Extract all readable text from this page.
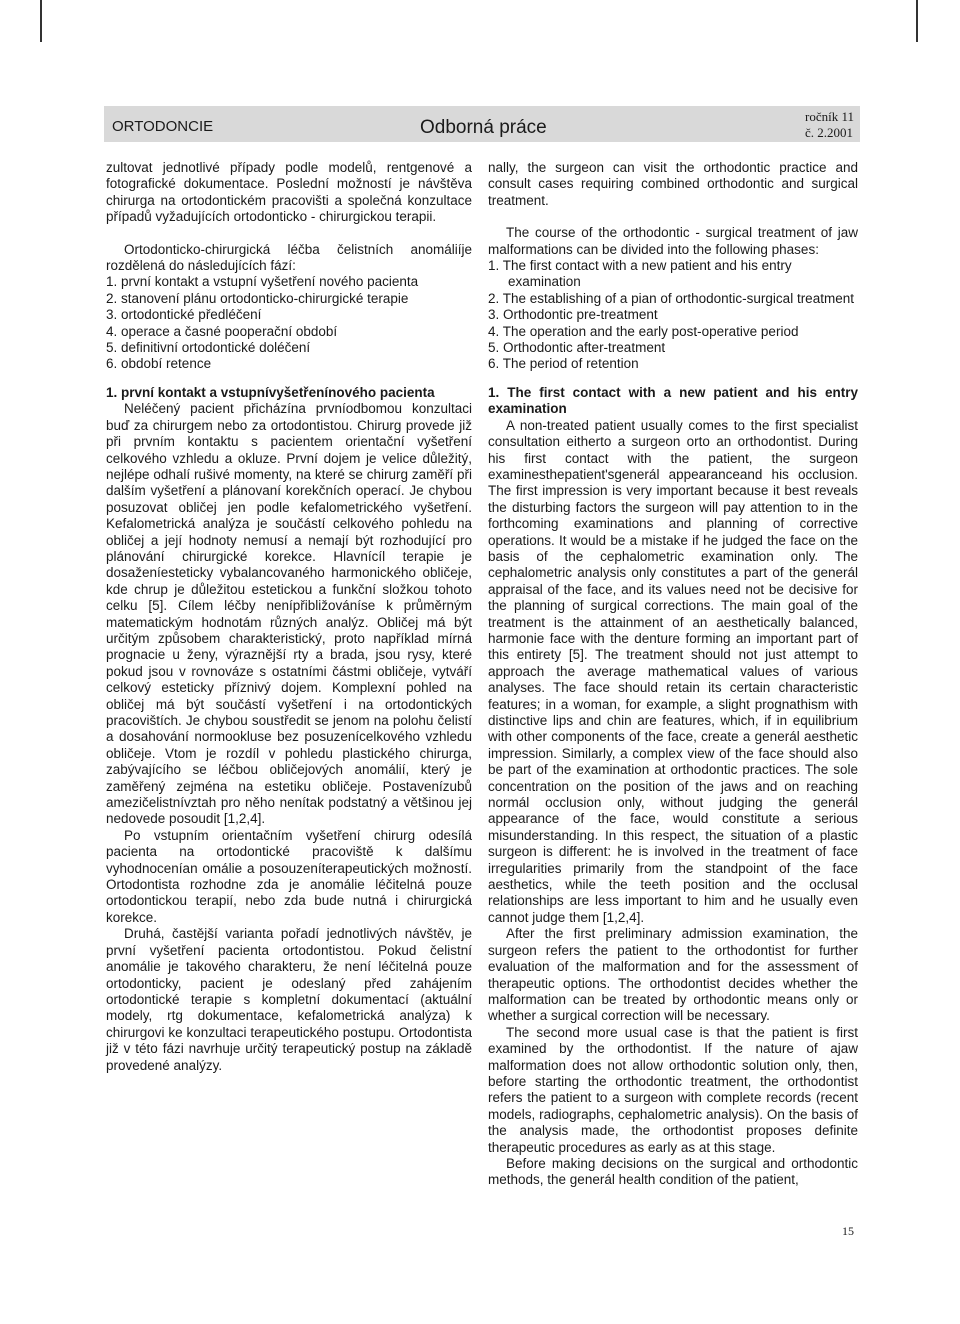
ORTODONCIE	Odborná práce
ročník 11
č. 2.2001

zultovat jednotlivé případy podle modelů, rentgenové a fotografické dokumentace. Poslední možností je návštěva chirurga na ortodontickém pracovišti a společná konzultace případů vyžadujících ortodonticko - chirurgickou terapii.

Ortodonticko-chirurgická léčba čelistních anomáliíje rozdělená do následujících fází:

1. první kontakt a vstupní vyšetření nového pacienta
2. stanovení plánu ortodonticko-chirurgické terapie
3. ortodontické předléčení
4. operace a časné pooperační období
5. definitivní ortodontické doléčení
6. období retence

1. první kontakt a vstupnívyšetřenínového pacienta

Neléčený pacient přicházína prvníodbomou konzultaci buď za chirurgem nebo za ortodontistou. Chirurg provede již při prvním kontaktu s pacientem orientační vyšetření celkového vzhledu a okluze. První dojem je velice důležitý, nejlépe odhalí rušivé momenty, na které se chirurg zaměří při dalším vyšetření a plánovaní korekčních operací. Je chybou posuzovat obličej jen podle kefalometrického vyšetření. Kefalometrická analýza je součástí celkového pohledu na obličej a její hodnoty nemusí a nemají být rozhodující pro plánování chirurgické korekce. Hlavnícíl terapie je dosaženíesteticky vybalancovaného harmonického obličeje, kde chrup je důležitou estetickou a funkční složkou tohoto celku [5]. Cílem léčby nenípřibližováníse k průměrným matematickým hodnotám různých analýz. Obličej má být určitým způsobem charakteristický, proto například mírná prognacie u ženy, výraznější rty a brada, jsou rysy, které pokud jsou v rovnováze s ostatními částmi obličeje, vytváří celkový esteticky příznivý dojem. Komplexní pohled na obličej má být součástí vyšetření i na ortodontických pracovištích. Je chybou soustředit se jenom na polohu čelistí a dosahování normookluse bez posuzenícelkového vzhledu obličeje. Vtom je rozdíl v pohledu plastického chirurga, zabývajícího se léčbou obličejových anomálií, který je zaměřený zejména na estetiku obličeje. Postavenízubů amezičelistnívztah pro něho nenítak podstatný a většinou jej nedovede posoudit [1,2,4].

Po vstupním orientačním vyšetření chirurg odesílá pacienta na ortodontické pracoviště k dalšímu vyhodnocenían omálie a posouzeníterapeutických možností. Ortodontista rozhodne zda je anomálie léčitelná pouze ortodontickou terapií, nebo zda bude nutná i chirurgická korekce.

Druhá, častější varianta pořadí jednotlivých návštěv, je první vyšetření pacienta ortodontistou. Pokud čelistní anomálie je takového charakteru, že není léčitelná pouze ortodonticky, pacient je odeslaný před zahájením ortodontické terapie s kompletní dokumentací (aktuální modely, rtg dokumentace, kefalometrická analýza) k chirurgovi ke konzultaci terapeutického postupu. Ortodontista již v této fázi navrhuje určitý terapeutický postup na základě provedené analýzy.

nally, the surgeon can visit the orthodontic practice and consult cases requiring combined orthodontic and surgical treatment.

The course of the orthodontic - surgical treatment of jaw malformations can be divided into the following phases:

1. The first contact with a new patient and his entry examination
2. The establishing of a pian of orthodontic-surgical treatment
3. Orthodontic pre-treatment
4. The operation and the early post-operative period
5. Orthodontic after-treatment
6. The period of retention

1. The first contact with a new patient and his entry examination

A non-treated patient usually comes to the first specialist consultation eitherto a surgeon orto an orthodontist. During his first contact with the patient, the surgeon examinesthepatient'sgenerál appearanceand his occlusion. The first impression is very important because it best reveals the disturbing factors the surgeon will pay attention to in the forthcoming examinations and planning of corrective operations. It would be a mistake if he judged the face on the basis of the cephalometric examination only. The cephalometric analysis only constitutes a part of the generál appraisal of the face, and its values need not be decisive for the planning of surgical corrections. The main goal of the treatment is the attainment of an aesthetically balanced, harmonie face with the denture forming an important part of this entirety [5]. The treatment should not just attempt to approach the average mathematical values of various analyses. The face should retain its certain characteristic features; in a woman, for example, a slight prognathism with distinctive lips and chin are features, which, if in equilibrium with other components of the face, create a generál aesthetic impression. Similarly, a complex view of the face should also be part of the examination at orthodontic practices. The sole concentration on the position of the jaws and on reaching normál occlusion only, without judging the generál appearance of the face, would constitute a serious misunderstanding. In this respect, the situation of a plastic surgeon is different: he is involved in the treatment of face irregularities primarily from the standpoint of the face aesthetics, while the teeth position and the occlusal relationships are less important to him and he usually even cannot judge them [1,2,4].

After the first preliminary admission examination, the surgeon refers the patient to the orthodontist for further evaluation of the malformation and for the assessment of therapeutic options. The orthodontist decides whether the malformation can be treated by orthodontic means only or whether a surgical correction will be necessary.

The second more usual case is that the patient is first examined by the orthodontist. If the nature of ajaw malformation does not allow orthodontic solution only, then, before starting the orthodontic treatment, the orthodontist refers the patient to a surgeon with complete records (recent models, radiographs, cephalometric analysis). On the basis of the analysis made, the orthodontist proposes definite therapeutic procedures as early as at this stage.

Before making decisions on the surgical and orthodontic methods, the generál health condition of the patient,

15
